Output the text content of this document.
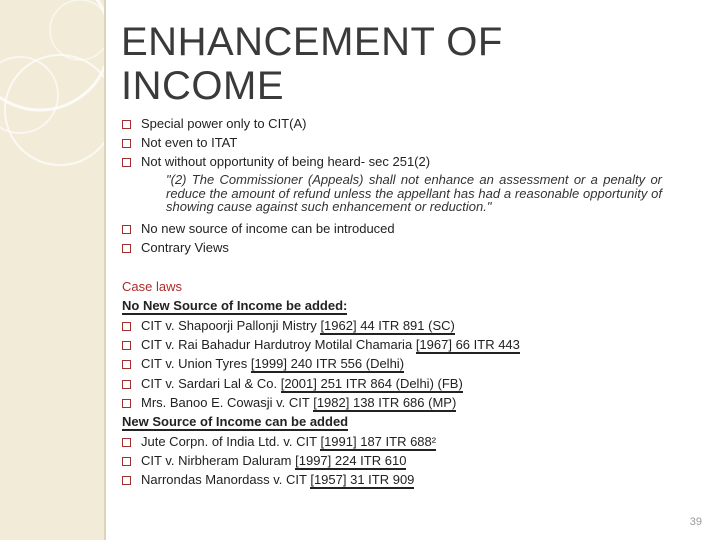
ENHANCEMENT OF INCOME
Special power only to CIT(A)
Not even to ITAT
Not without opportunity of being heard- sec 251(2)
"(2) The Commissioner (Appeals) shall not enhance an assessment or a penalty or reduce the amount of refund unless the appellant has had a reasonable opportunity of showing cause against such enhancement or reduction."
No new source of income can be introduced
Contrary Views
Case laws
No New Source of Income be added:
CIT v. Shapoorji Pallonji Mistry [1962] 44 ITR 891 (SC)
CIT v. Rai Bahadur Hardutroy Motilal Chamaria [1967] 66 ITR 443
CIT v. Union Tyres [1999] 240 ITR 556 (Delhi)
CIT v. Sardari Lal & Co. [2001] 251 ITR 864 (Delhi) (FB)
Mrs. Banoo E. Cowasji v. CIT [1982] 138 ITR 686 (MP)
New Source of Income can be added
Jute Corpn. of India Ltd. v. CIT [1991] 187 ITR 688²
CIT v. Nirbheram Daluram [1997] 224 ITR 610
Narrondas Manordass v. CIT [1957] 31 ITR 909
39
